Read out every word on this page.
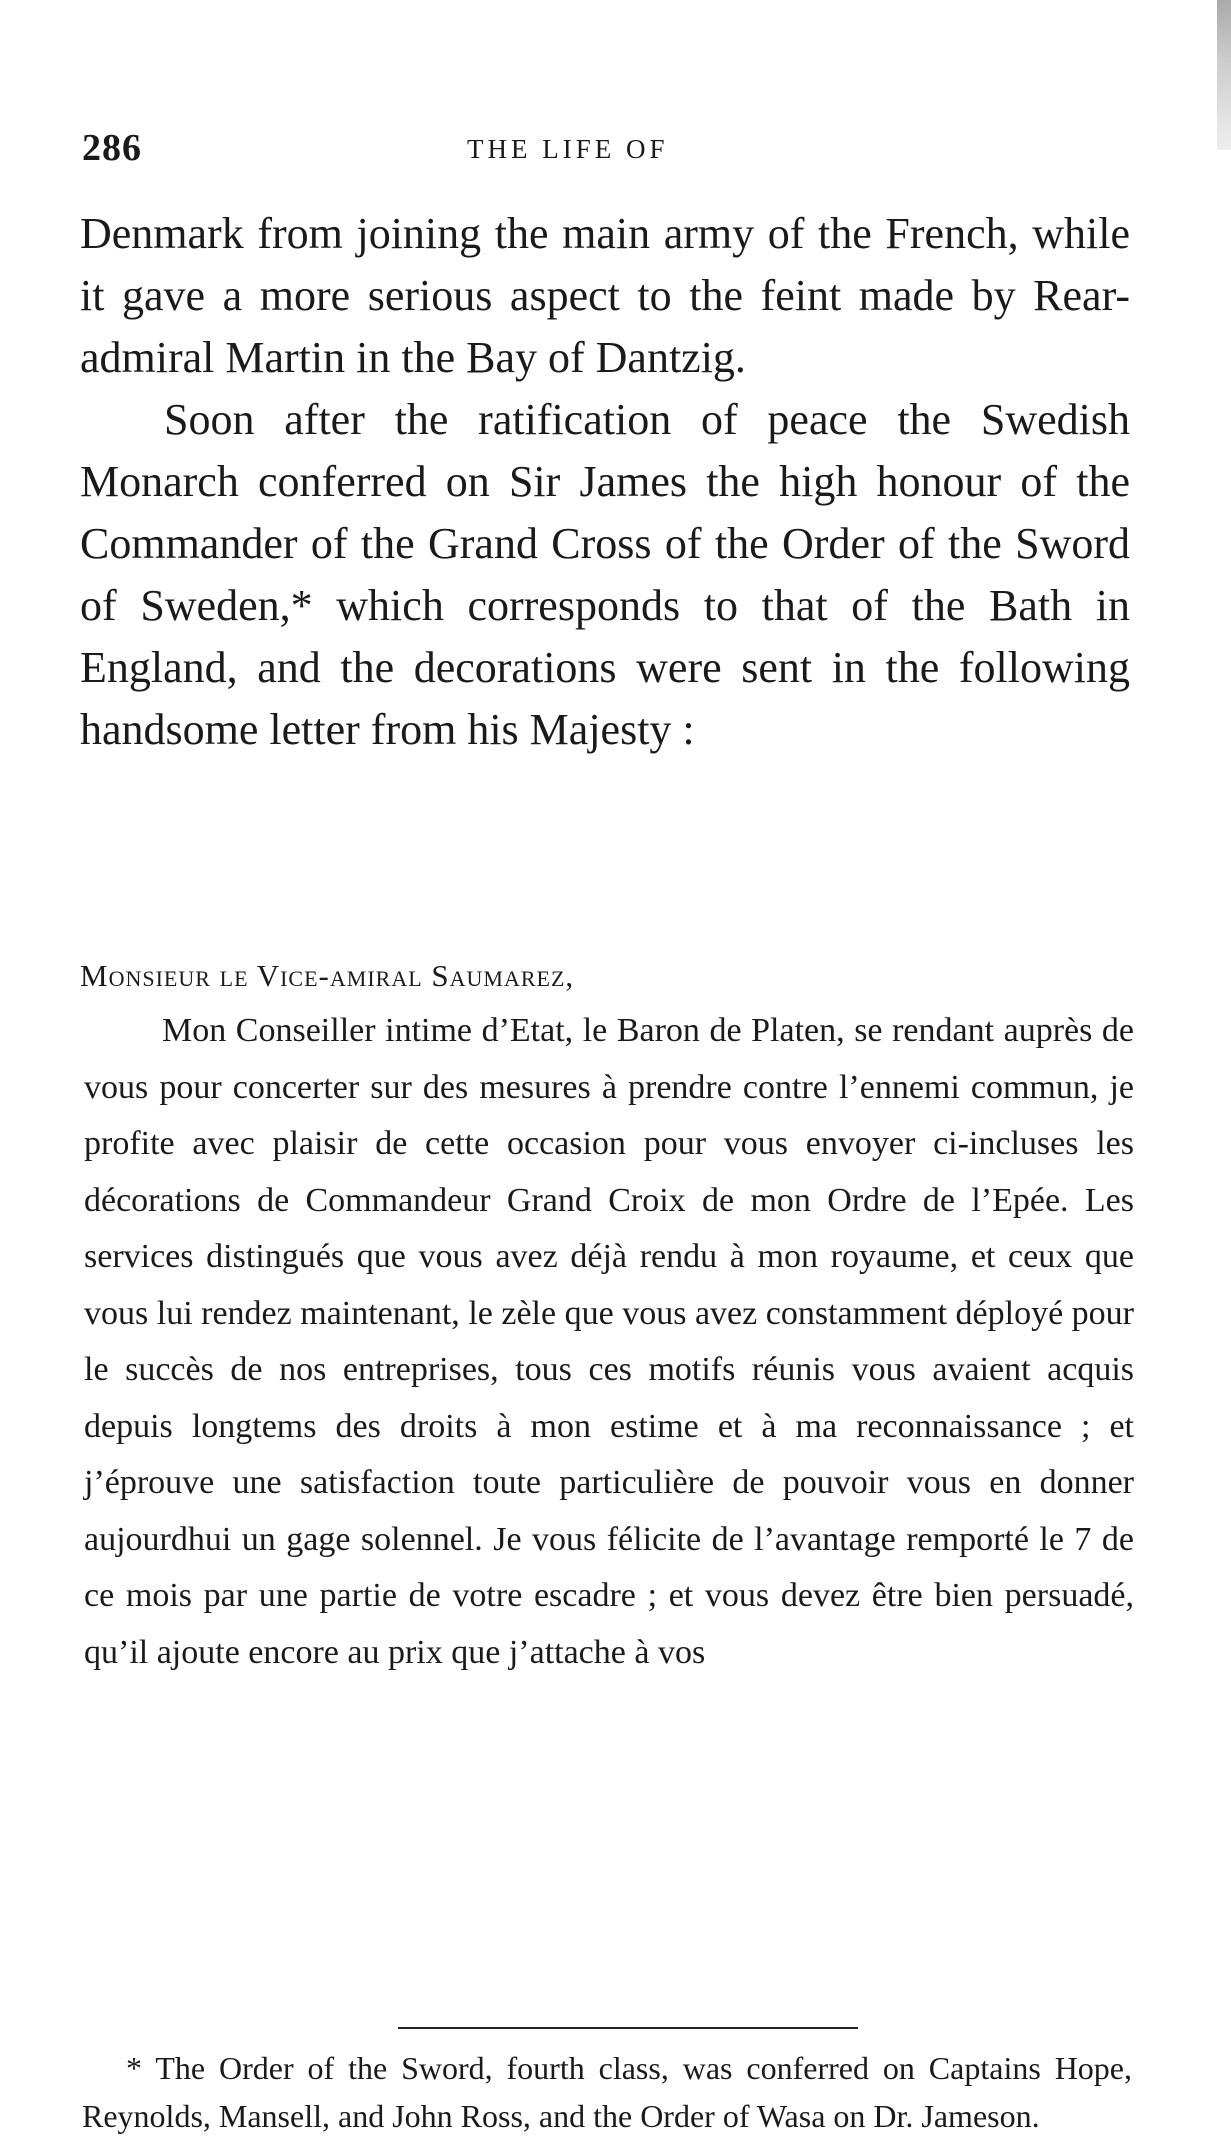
286	THE LIFE OF

Denmark from joining the main army of the French, while it gave a more serious aspect to the feint made by Rear-admiral Martin in the Bay of Dantzig.

Soon after the ratification of peace the Swedish Monarch conferred on Sir James the high honour of the Commander of the Grand Cross of the Order of the Sword of Sweden,* which corresponds to that of the Bath in England, and the decorations were sent in the following handsome letter from his Majesty :

Monsieur le Vice-amiral Saumarez,

Mon Conseiller intime d’Etat, le Baron de Platen, se rendant auprès de vous pour concerter sur des mesures à prendre contre l’ennemi commun, je profite avec plaisir de cette occasion pour vous envoyer ci-incluses les décorations de Commandeur Grand Croix de mon Ordre de l’Epée. Les services distingués que vous avez déjà rendu à mon royaume, et ceux que vous lui rendez maintenant, le zèle que vous avez constamment déployé pour le succès de nos entreprises, tous ces motifs réunis vous avaient acquis depuis longtems des droits à mon estime et à ma reconnaissance ; et j’éprouve une satisfaction toute particulière de pouvoir vous en donner aujourdhui un gage solennel. Je vous félicite de l’avantage remporté le 7 de ce mois par une partie de votre escadre ; et vous devez être bien persuadé, qu’il ajoute encore au prix que j’attache à vos

* The Order of the Sword, fourth class, was conferred on Captains Hope, Reynolds, Mansell, and John Ross, and the Order of Wasa on Dr. Jameson.
